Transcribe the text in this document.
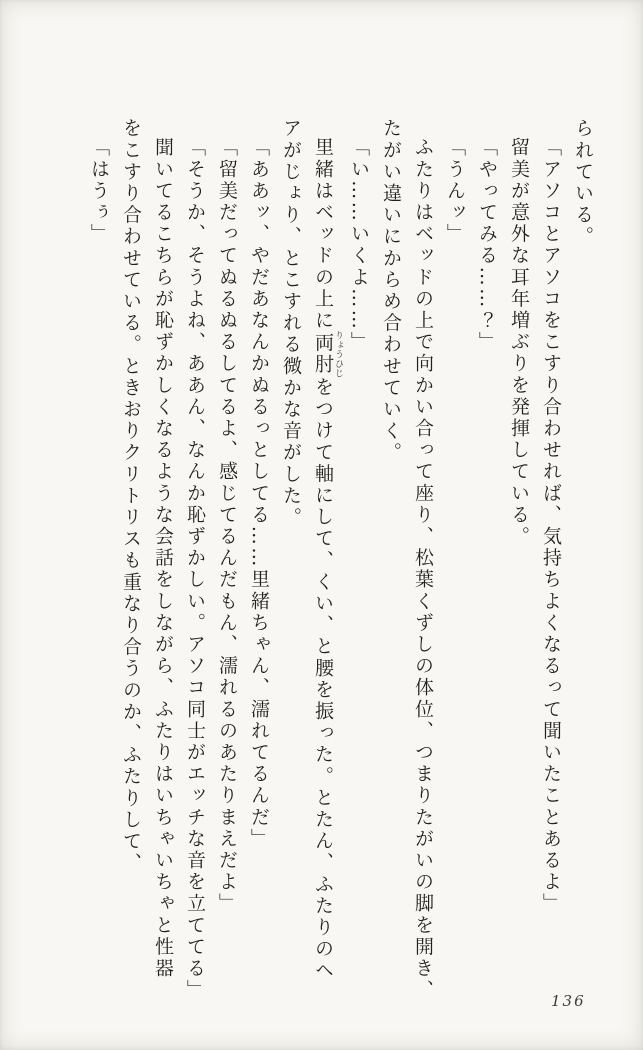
られている。

「アソコとアソコをこすり合わせれば、気持ちよくなるって聞いたことあるよ」

留美が意外な耳年増ぶりを発揮している。

「やってみる……？」

「うんッ」

ふたりはベッドの上で向かい合って座り、松葉くずしの体位、つまりたがいの脚を開き、
たがい違いにからめ合わせていく。

「い……いくよ……」

里緒はベッドの上に両肘 りょうひじをつけて軸にして、くい、と腰を振った。とたん、ふたりのヘ
アがじょり、とこすれる微かな音がした。

「ああッ、やだあなんかぬるっとしてる……里緒ちゃん、濡れてるんだ」

「留美だってぬるぬるしてるよ、感じてるんだもん、濡れるのあたりまえだよ」

「そうか、そうよね、ああん、なんか恥ずかしい。アソコ同士がエッチな音を立ててる」

聞いてるこちらが恥ずかしくなるような会話をしながら、ふたりはいちゃいちゃと性器
をこすり合わせている。ときおりクリトリスも重なり合うのか、ふたりして、

「はうぅ」

136
